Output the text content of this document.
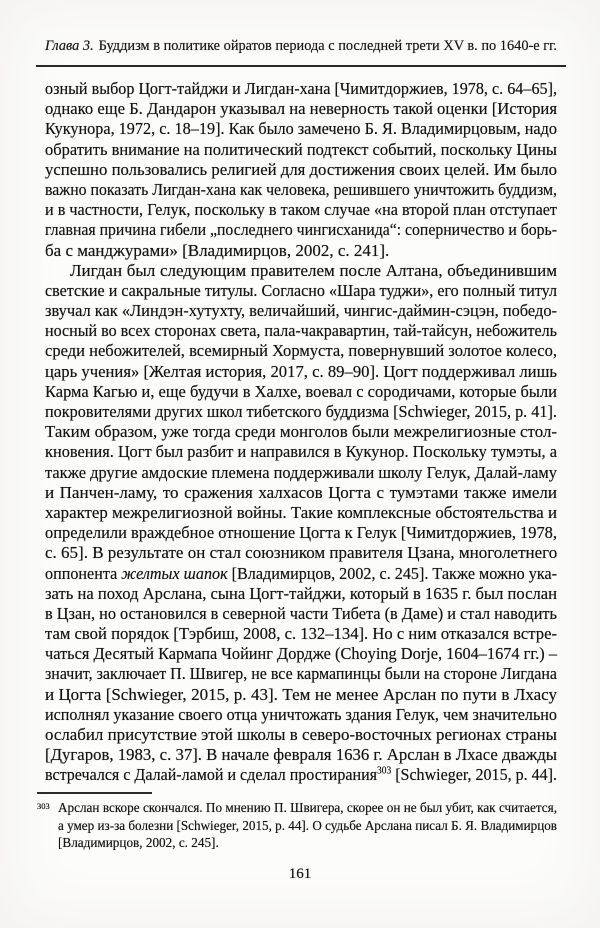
Глава 3. Буддизм в политике ойратов периода с последней трети XV в. по 1640-е гг.
озный выбор Цогт-тайджи и Лигдан-хана [Чимитдоржиев, 1978, с. 64–65],
однако еще Б. Дандарон указывал на неверность такой оценки [История
Кукунора, 1972, с. 18–19]. Как было замечено Б. Я. Владимирцовым, надо
обратить внимание на политический подтекст событий, поскольку Цины
успешно пользовались религией для достижения своих целей. Им было
важно показать Лигдан-хана как человека, решившего уничтожить буддизм,
и в частности, Гелук, поскольку в таком случае «на второй план отступает
главная причина гибели „последнего чингисханида“: соперничество и борь-
ба с манджурами» [Владимирцов, 2002, с. 241].
Лигдан был следующим правителем после Алтана, объединившим
светские и сакральные титулы. Согласно «Шара туджи», его полный титул
звучал как «Линдэн-хутухту, величайший, чингис-даймин-сэцэн, победо-
носный во всех сторонах света, пала-чакравартин, тай-тайсун, небожитель
среди небожителей, всемирный Хормуста, повернувший золотое колесо,
царь учения» [Желтая история, 2017, с. 89–90]. Цогт поддерживал лишь
Карма Кагью и, еще будучи в Халхе, воевал с сородичами, которые были
покровителями других школ тибетского буддизма [Schwieger, 2015, p. 41].
Таким образом, уже тогда среди монголов были межрелигиозные стол-
кновения. Цогт был разбит и направился в Кукунор. Поскольку тумэты, а
также другие амдоские племена поддерживали школу Гелук, Далай-ламу
и Панчен-ламу, то сражения халхасов Цогта с тумэтами также имели
характер межрелигиозной войны. Такие комплексные обстоятельства и
определили враждебное отношение Цогта к Гелук [Чимитдоржиев, 1978,
с. 65]. В результате он стал союзником правителя Цзана, многолетнего
оппонента желтых шапок [Владимирцов, 2002, с. 245]. Также можно ука-
зать на поход Арслана, сына Цогт-тайджи, который в 1635 г. был послан
в Цзан, но остановился в северной части Тибета (в Даме) и стал наводить
там свой порядок [Тэрбиш, 2008, с. 132–134]. Но с ним отказался встре-
чаться Десятый Кармапа Чойинг Дордже (Choying Dorje, 1604–1674 гг.) –
значит, заключает П. Швигер, не все кармапинцы были на стороне Лигдана
и Цогта [Schwieger, 2015, p. 43]. Тем не менее Арслан по пути в Лхасу
исполнял указание своего отца уничтожать здания Гелук, чем значительно
ослабил присутствие этой школы в северо-восточных регионах страны
[Дугаров, 1983, с. 37]. В начале февраля 1636 г. Арслан в Лхасе дважды
встречался с Далай-ламой и сделал простирания$^{303}$ [Schwieger, 2015, p. 44].
303 Арслан вскоре скончался. По мнению П. Швигера, скорее он не был убит, как считается,
а умер из-за болезни [Schwieger, 2015, p. 44]. О судьбе Арслана писал Б. Я. Владимирцов
[Владимирцов, 2002, с. 245].
161
